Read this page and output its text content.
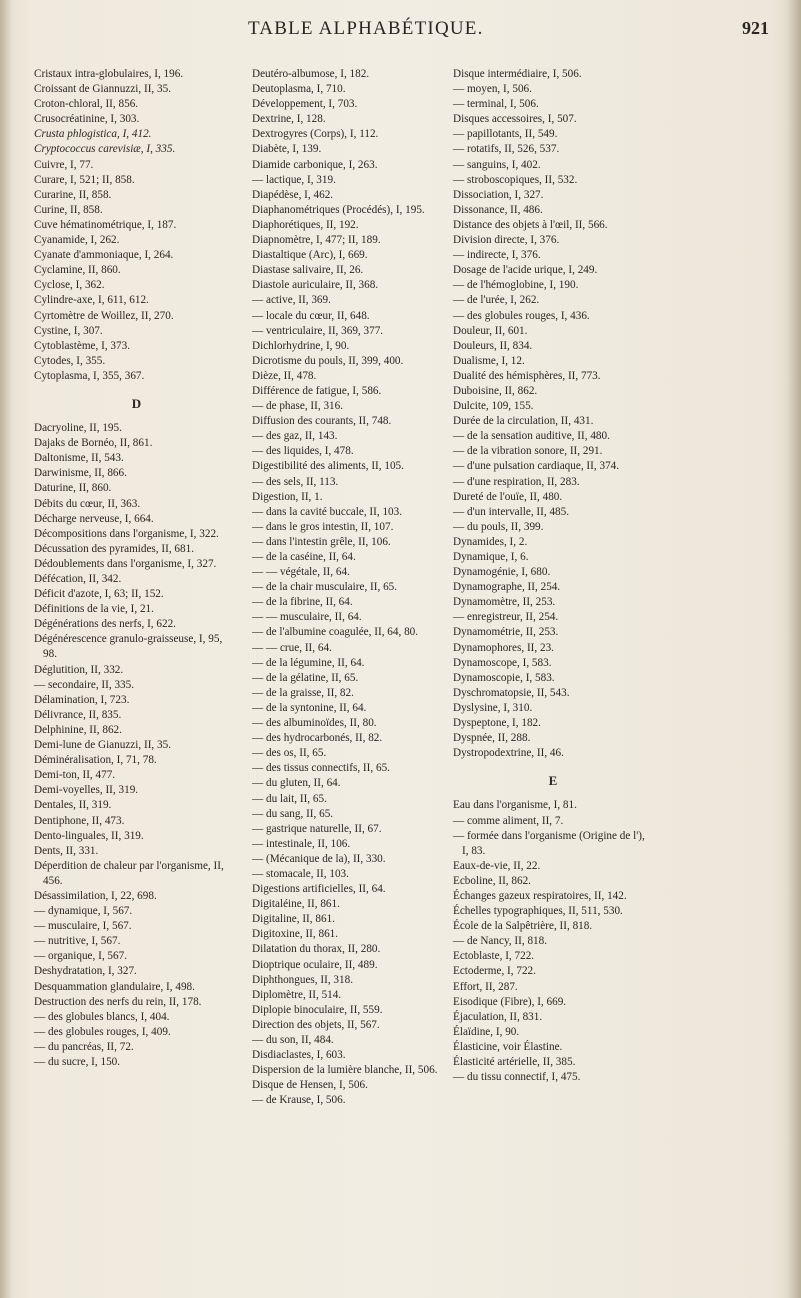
TABLE ALPHABÉTIQUE.	921
Cristaux intra-globulaires, I, 196.
Croissant de Giannuzzi, II, 35.
Croton-chloral, II, 856.
Crusocréatinine, I, 303.
Crusta phlogistica, I, 412.
Cryptococcus carevisiæ, I, 335.
Cuivre, I, 77.
Curare, I, 521; II, 858.
Curarine, II, 858.
Curine, II, 858.
Cuve hématinométrique, I, 187.
Cyanamide, I, 262.
Cyanate d'ammoniaque, I, 264.
Cyclamine, II, 860.
Cyclose, I, 362.
Cylindre-axe, I, 611, 612.
Cyrtomètre de Woillez, II, 270.
Cystine, I, 307.
Cytoblastème, I, 373.
Cytodes, I, 355.
Cytoplasma, I, 355, 367.
D
Dacryoline, II, 195.
Dajaks de Bornéo, II, 861.
Daltonisme, II, 543.
Darwinisme, II, 866.
Daturine, II, 860.
Débits du cœur, II, 363.
Décharge nerveuse, I, 664.
Décompositions dans l'organisme, I, 322.
Décussation des pyramides, II, 681.
Dédoublements dans l'organisme, I, 327.
Défécation, II, 342.
Déficit d'azote, I, 63; II, 152.
Définitions de la vie, I, 21.
Dégénérations des nerfs, I, 622.
Dégénérescence granulo-graisseuse, I, 95, 98.
Déglutition, II, 332.
— secondaire, II, 335.
Délamination, I, 723.
Délivrance, II, 835.
Delphinine, II, 862.
Demi-lune de Gianuzzi, II, 35.
Déminéralisation, I, 71, 78.
Demi-ton, II, 477.
Demi-voyelles, II, 319.
Dentales, II, 319.
Dentiphone, II, 473.
Dento-linguales, II, 319.
Dents, II, 331.
Déperdition de chaleur par l'organisme, II, 456.
Désassimilation, I, 22, 698.
— dynamique, I, 567.
— musculaire, I, 567.
— nutritive, I, 567.
— organique, I, 567.
Deshydratation, I, 327.
Desquammation glandulaire, I, 498.
Destruction des nerfs du rein, II, 178.
— des globules blancs, I, 404.
— des globules rouges, I, 409.
— du pancréas, II, 72.
— du sucre, I, 150.
Deutéro-albumose, I, 182.
Deutoplasma, I, 710.
Développement, I, 703.
Dextrine, I, 128.
Dextrogyres (Corps), I, 112.
Diabète, I, 139.
Diamide carbonique, I, 263.
— lactique, I, 319.
Diapédèse, I, 462.
Diaphanométriques (Procédés), I, 195.
Diaphorétiques, II, 192.
Diapnomètre, I, 477; II, 189.
Diastaltique (Arc), I, 669.
Diastase salivaire, II, 26.
Diastole auriculaire, II, 368.
— active, II, 369.
— locale du cœur, II, 648.
— ventriculaire, II, 369, 377.
Dichlorhydrine, I, 90.
Dicrotisme du pouls, II, 399, 400.
Dièze, II, 478.
Différence de fatigue, I, 586.
— de phase, II, 316.
Diffusion des courants, II, 748.
— des gaz, II, 143.
— des liquides, I, 478.
Digestibilité des aliments, II, 105.
— des sels, II, 113.
Digestion, II, 1.
— dans la cavité buccale, II, 103.
— dans le gros intestin, II, 107.
— dans l'intestin grêle, II, 106.
— de la caséine, II, 64.
— — végétale, II, 64.
— de la chair musculaire, II, 65.
— de la fibrine, II, 64.
— — musculaire, II, 64.
— de l'albumine coagulée, II, 64, 80.
— — crue, II, 64.
— de la légumine, II, 64.
— de la gélatine, II, 65.
— de la graisse, II, 82.
— de la syntonine, II, 64.
— des albuminoïdes, II, 80.
— des hydrocarbonés, II, 82.
— des os, II, 65.
— des tissus connectifs, II, 65.
— du gluten, II, 64.
— du lait, II, 65.
— du sang, II, 65.
— gastrique naturelle, II, 67.
— intestinale, II, 106.
— (Mécanique de la), II, 330.
— stomacale, II, 103.
Digestions artificielles, II, 64.
Digitaléine, II, 861.
Digitaline, II, 861.
Digitoxine, II, 861.
Dilatation du thorax, II, 280.
Dioptrique oculaire, II, 489.
Diphthongues, II, 318.
Diplomètre, II, 514.
Diplopie binoculaire, II, 559.
Direction des objets, II, 567.
— du son, II, 484.
Disdiaclastes, I, 603.
Dispersion de la lumière blanche, II, 506.
Disque de Hensen, I, 506.
— de Krause, I, 506.
Disque intermédiaire, I, 506.
— moyen, I, 506.
— terminal, I, 506.
Disques accessoires, I, 507.
— papillotants, II, 549.
— rotatifs, II, 526, 537.
— sanguins, I, 402.
— stroboscopiques, II, 532.
Dissociation, I, 327.
Dissonance, II, 486.
Distance des objets à l'œil, II, 566.
Division directe, I, 376.
— indirecte, I, 376.
Dosage de l'acide urique, I, 249.
— de l'hémoglobine, I, 190.
— de l'urée, I, 262.
— des globules rouges, I, 436.
Douleur, II, 601.
Douleurs, II, 834.
Dualisme, I, 12.
Dualité des hémisphères, II, 773.
Duboisine, II, 862.
Dulcite, 109, 155.
Durée de la circulation, II, 431.
— de la sensation auditive, II, 480.
— de la vibration sonore, II, 291.
— d'une pulsation cardiaque, II, 374.
— d'une respiration, II, 283.
Dureté de l'ouïe, II, 480.
— d'un intervalle, II, 485.
— du pouls, II, 399.
Dynamides, I, 2.
Dynamique, I, 6.
Dynamogénie, I, 680.
Dynamographe, II, 254.
Dynamomètre, II, 253.
— enregistreur, II, 254.
Dynamométrie, II, 253.
Dynamophores, II, 23.
Dynamoscope, I, 583.
Dynamoscopie, I, 583.
Dyschromatopsie, II, 543.
Dyslysine, I, 310.
Dyspeptone, I, 182.
Dyspnée, II, 288.
Dystropodextrine, II, 46.
E
Eau dans l'organisme, I, 81.
— comme aliment, II, 7.
— formée dans l'organisme (Origine de l'), I, 83.
Eaux-de-vie, II, 22.
Ecboline, II, 862.
Échanges gazeux respiratoires, II, 142.
Échelles typographiques, II, 511, 530.
École de la Salpêtrière, II, 818.
— de Nancy, II, 818.
Ectoblaste, I, 722.
Ectoderme, I, 722.
Effort, II, 287.
Eisodique (Fibre), I, 669.
Éjaculation, II, 831.
Élaïdine, I, 90.
Élasticine, voir Élastine.
Élasticité artérielle, II, 385.
— du tissu connectif, I, 475.
